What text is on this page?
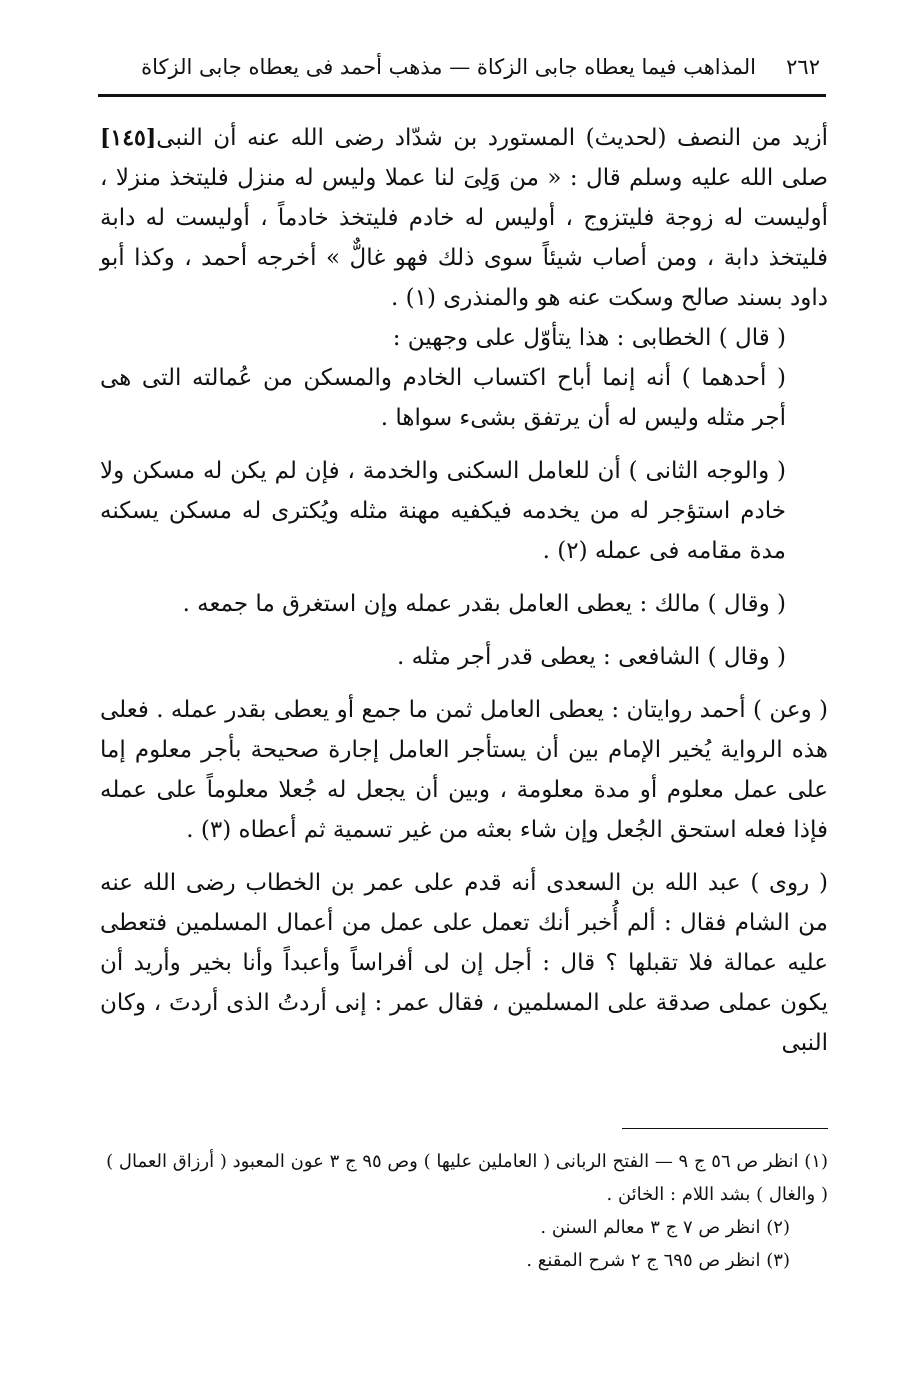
٢٦٢
المذاهب فيما يعطاه جابى الزكاة — مذهب أحمد فى يعطاه جابى الزكاة

[١٤٥] أزيد من النصف (لحديث) المستورد بن شدّاد رضى الله عنه أن النبى صلى الله عليه وسلم قال : « من وَلِىَ لنا عملا وليس له منزل فليتخذ منزلا ، أوليست له زوجة فليتزوج ، أوليس له خادم فليتخذ خادماً ، أوليست له دابة فليتخذ دابة ، ومن أصاب شيئاً سوى ذلك فهو غالٌّ » أخرجه أحمد ، وكذا أبو داود بسند صالح وسكت عنه هو والمنذرى (١) .

( قال ) الخطابى : هذا يتأوّل على وجهين :

( أحدهما ) أنه إنما أباح اكتساب الخادم والمسكن من عُمالته التى هى أجر مثله وليس له أن يرتفق بشىء سواها .

( والوجه الثانى ) أن للعامل السكنى والخدمة ، فإن لم يكن له مسكن ولا خادم استؤجر له من يخدمه فيكفيه مهنة مثله ويُكترى له مسكن يسكنه مدة مقامه فى عمله (٢) .

( وقال ) مالك : يعطى العامل بقدر عمله وإن استغرق ما جمعه .

( وقال ) الشافعى : يعطى قدر أجر مثله .

( وعن ) أحمد روايتان : يعطى العامل ثمن ما جمع أو يعطى بقدر عمله . فعلى هذه الرواية يُخير الإمام بين أن يستأجر العامل إجارة صحيحة بأجر معلوم إما على عمل معلوم أو مدة معلومة ، وبين أن يجعل له جُعلا معلوماً على عمله فإذا فعله استحق الجُعل وإن شاء بعثه من غير تسمية ثم أعطاه (٣) .

( روى ) عبد الله بن السعدى أنه قدم على عمر بن الخطاب رضى الله عنه من الشام فقال : ألم أُخبر أنك تعمل على عمل من أعمال المسلمين فتعطى عليه عمالة فلا تقبلها ؟ قال : أجل إن لى أفراساً وأعبداً وأنا بخير وأريد أن يكون عملى صدقة على المسلمين ، فقال عمر : إنى أردتُ الذى أردتَ ، وكان النبى

(١) انظر ص ٥٦ ج ٩ — الفتح الربانى ( العاملين عليها ) وص ٩٥ ج ٣ عون المعبود ( أرزاق العمال ) ( والغال ) بشد اللام : الخائن .

(٢) انظر ص ٧ ج ٣ معالم السنن .

(٣) انظر ص ٦٩٥ ج ٢ شرح المقنع .
